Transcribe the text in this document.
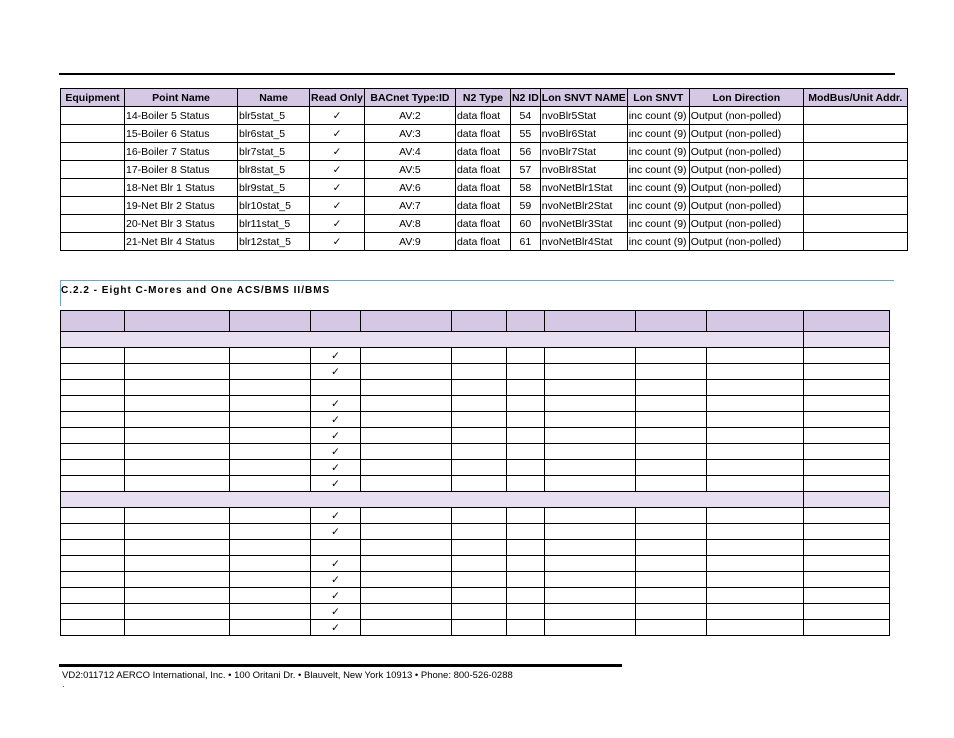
Equipment	Point Name	Name	Read Only	BACnet Type:ID	N2 Type	N2 ID	Lon SNVT NAME	Lon SNVT	Lon Direction	ModBus/Unit Addr.
	14-Boiler 5 Status	blr5stat_5	✓	AV:2	data float	54	nvoBlr5Stat	inc count (9)	Output (non-polled)	
	15-Boiler 6 Status	blr6stat_5	✓	AV:3	data float	55	nvoBlr6Stat	inc count (9)	Output (non-polled)	
	16-Boiler 7 Status	blr7stat_5	✓	AV:4	data float	56	nvoBlr7Stat	inc count (9)	Output (non-polled)	
	17-Boiler 8 Status	blr8stat_5	✓	AV:5	data float	57	nvoBlr8Stat	inc count (9)	Output (non-polled)	
	18-Net Blr 1 Status	blr9stat_5	✓	AV:6	data float	58	nvoNetBlr1Stat	inc count (9)	Output (non-polled)	
	19-Net Blr 2 Status	blr10stat_5	✓	AV:7	data float	59	nvoNetBlr2Stat	inc count (9)	Output (non-polled)	
	20-Net Blr 3 Status	blr11stat_5	✓	AV:8	data float	60	nvoNetBlr3Stat	inc count (9)	Output (non-polled)	
	21-Net Blr 4 Status	blr12stat_5	✓	AV:9	data float	61	nvoNetBlr4Stat	inc count (9)	Output (non-polled)	
C.2.2 - Eight C-Mores and One ACS/BMS II/BMS

			✓							
			✓							

			✓							
			✓							
			✓							
			✓							
			✓							
			✓							

			✓							
			✓							

			✓							
			✓							
			✓							
			✓							
			✓							
VD2:011712 AERCO International, Inc. • 100 Oritani Dr. • Blauvelt, New York 10913 • Phone: 800-526-0288
·
